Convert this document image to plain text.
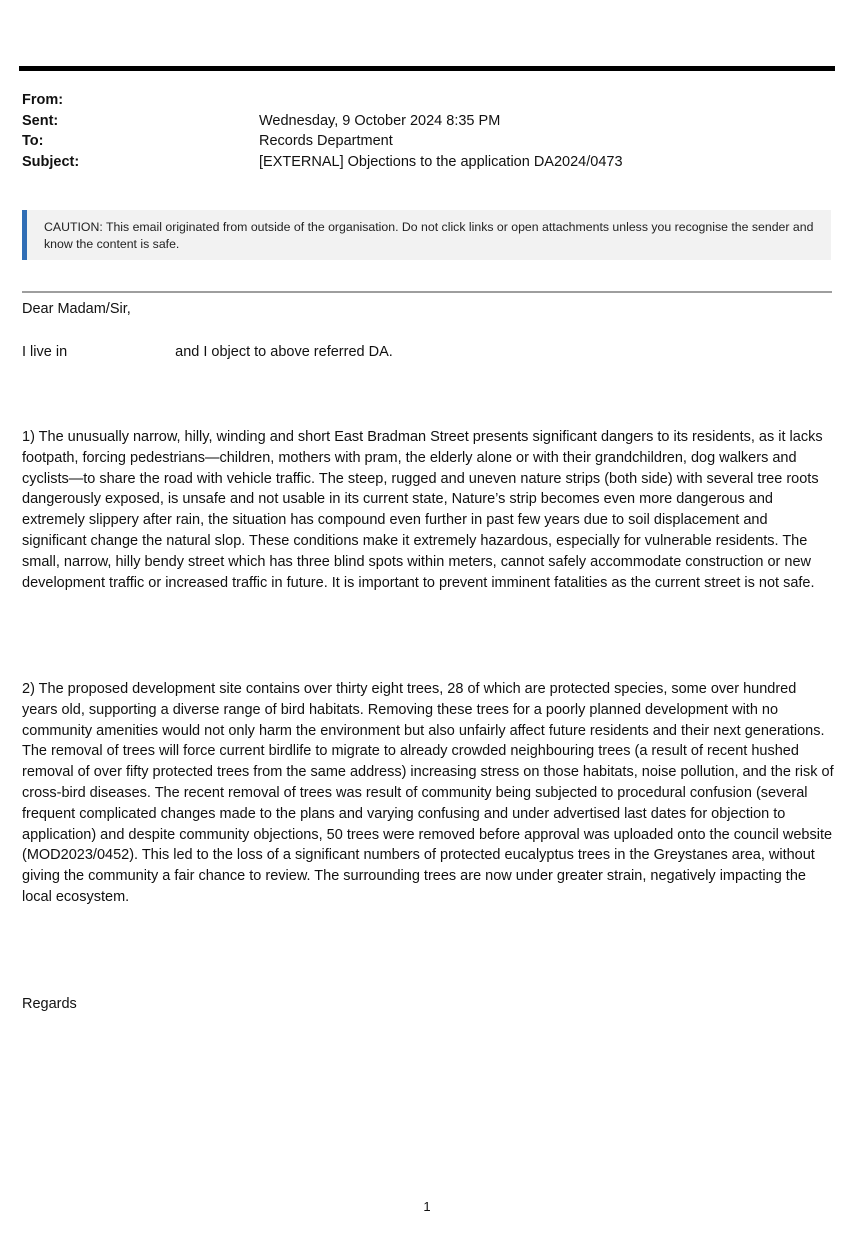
From:
Sent:	Wednesday, 9 October 2024 8:35 PM
To:	Records Department
Subject:	[EXTERNAL] Objections to the application DA2024/0473
CAUTION: This email originated from outside of the organisation. Do not click links or open attachments unless you recognise the sender and know the content is safe.
Dear Madam/Sir,
I live in	and I object to above referred DA.
1) The unusually narrow, hilly, winding and short East Bradman Street presents significant dangers to its residents, as it lacks footpath, forcing pedestrians—children, mothers with pram, the elderly alone or with their grandchildren, dog walkers and cyclists—to share the road with vehicle traffic. The steep, rugged and uneven nature strips (both side) with several tree roots dangerously exposed, is unsafe and not usable in its current state, Nature’s strip becomes even more dangerous and extremely slippery after rain, the situation has compound even further in past few years due to soil displacement and significant change the natural slop. These conditions make it extremely hazardous, especially for vulnerable residents. The small, narrow, hilly bendy street which has three blind spots within meters, cannot safely accommodate construction or new development traffic or increased traffic in future. It is important to prevent imminent fatalities as the current street is not safe.
2) The proposed development site contains over thirty eight trees, 28 of which are protected species, some over hundred years old, supporting a diverse range of bird habitats. Removing these trees for a poorly planned development with no community amenities would not only harm the environment but also unfairly affect future residents and their next generations. The removal of trees will force current birdlife to migrate to already crowded neighbouring trees (a result of recent hushed removal of over fifty protected trees from the same address) increasing stress on those habitats, noise pollution, and the risk of cross-bird diseases. The recent removal of trees was result of community being subjected to procedural confusion (several frequent complicated changes made to the plans and varying confusing and under advertised last dates for objection to application) and despite community objections, 50 trees were removed before approval was uploaded onto the council website (MOD2023/0452). This led to the loss of a significant numbers of protected eucalyptus trees in the Greystanes area, without giving the community a fair chance to review. The surrounding trees are now under greater strain, negatively impacting the local ecosystem.
Regards
1
